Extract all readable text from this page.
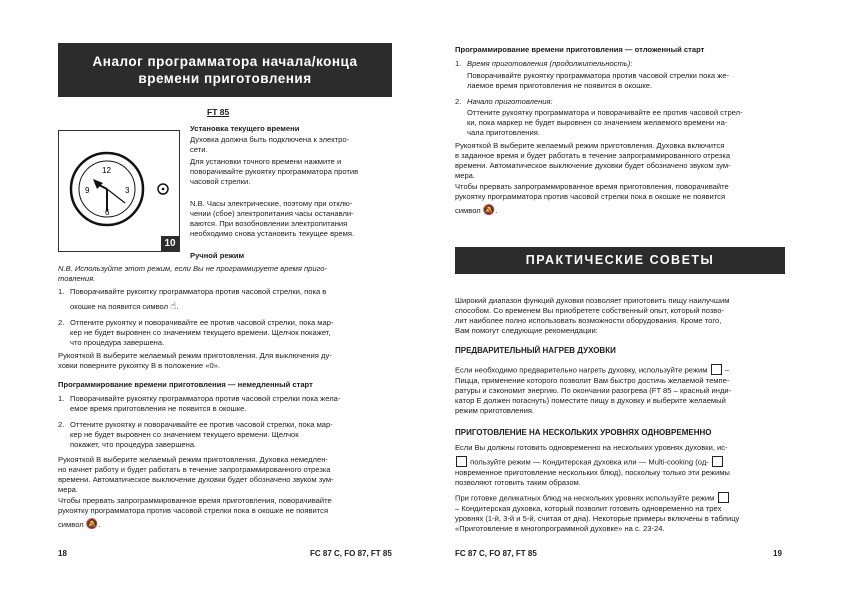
Аналог программатора начала/конца
времени приготовления
FT 85
12
3
6
9
10
Установка текущего времени
Духовка должна быть подключена к электро-
сети.
Для установки точного времени нажмите и
поворачивайте рукоятку программатора против
часовой стрелки.
N.B. Часы электрические, поэтому при отклю-
чении (сбое) электропитания часы останавли-
ваются. При возобновлении электропитания
необходимо снова установить текущее время.
Ручной режим
N.B. Используйте этот режим, если Вы не программируете время приго-
товления.
1. Поворачивайте рукоятку программатора против часовой стрелки, пока в
окошке на появится символ ☝.
2. Отпените рукоятку и поворачивайте ее против часовой стрелки, пока мар-
кер не будет выровнен со значением текущего времени. Щелчок покажет,
что процедура завершена.
Рукояткой B выберите желаемый режим приготовления. Для выключения ду-
ховки поверните рукоятку B в положение «0».
Программирование времени приготовления — немедленный старт
1. Поворачивайте рукоятку программатора против часовой стрелки пока жела-
емое время приготовления не появится в окошке.
2. Оттените рукоятку и поворачивайте ее против часовой стрелки, пока мар-
кер не будет выровнен со значением текущего времени. Щелчок
покажет, что процедура завершена.
Рукояткой B выберите желаемый режим приготовления. Духовка немедлен-
но начнет работу и будет работать в течение запрограммированного отрезка
времени. Автоматическое выключение духовки будет обозначено звуком зум-
мера.
Чтобы прервать запрограммированное время приготовления, поворачивайте
рукоятку программатора против часовой стрелки пока в окошке не появится
символ 🔕.
18	FC 87 C, FO 87, FT 85
Программирование времени приготовления — отложенный старт
1. Время приготовления (продолжительность):
Поворачивайте рукоятку программатора против часовой стрелки пока же-
лаемое время приготовления не появится в окошке.
2. Начало приготовления:
Оттените рукоятку программатора и поворачивайте ее против часовой стрел-
ки, пока маркер не будет выровнен со значением желаемого времени на-
чала приготовления.
Рукояткой B выберите желаемый режим приготовления. Духовка включится
в заданное время и будет работать в течение запрограммированного отрезка
времени. Автоматическое выключение духовки будет обозначено звуком зум-
мера.
Чтобы прервать запрограммированное время приготовления, поворачивайте
рукоятку программатора против часовой стрелки пока в окошке не появится
символ 🔕.
ПРАКТИЧЕСКИЕ СОВЕТЫ
Широкий диапазон функций духовки позволяет приготовить пищу наилучшим
способом. Со временем Вы приобретете собственный опыт, который позво-
лит наиболее полно использовать возможности оборудования. Кроме того,
Вам помогут следующие рекомендации:
ПРЕДВАРИТЕЛЬНЫЙ НАГРЕВ ДУХОВКИ
Если необходимо предварительно нагреть духовку, используйте режим  –
Пицца, применение которого позволит Вам быстро достичь желаемой темпе-
ратуры и сэкономит энергию. По окончании разогрева (FT 85 – красный инди-
катор E должен погаснуть) поместите пищу в духовку и выберите желаемый
режим приготовления.
ПРИГОТОВЛЕНИЕ НА НЕСКОЛЬКИХ УРОВНЯХ ОДНОВРЕМЕННО
Если Вы должны готовить одновременно на нескольких уровнях духовки, ис-
пользуйте режим — Кондитерская духовка или — Multi-cooking (од-
новременное приготовление нескольких блюд), поскольку только эти режимы
позволяют готовить таким образом.
При готовке деликатных блюд на нескольких уровнях используйте режим
– Кондитерская духовка, который позволит готовить одновременно на трех
уровнях (1-й, 3-й и 5-й, считая от дна). Некоторые примеры включены в таблицу
«Приготовление в многопрограммной духовке» на с. 23-24.
FC 87 C, FO 87, FT 85	19
